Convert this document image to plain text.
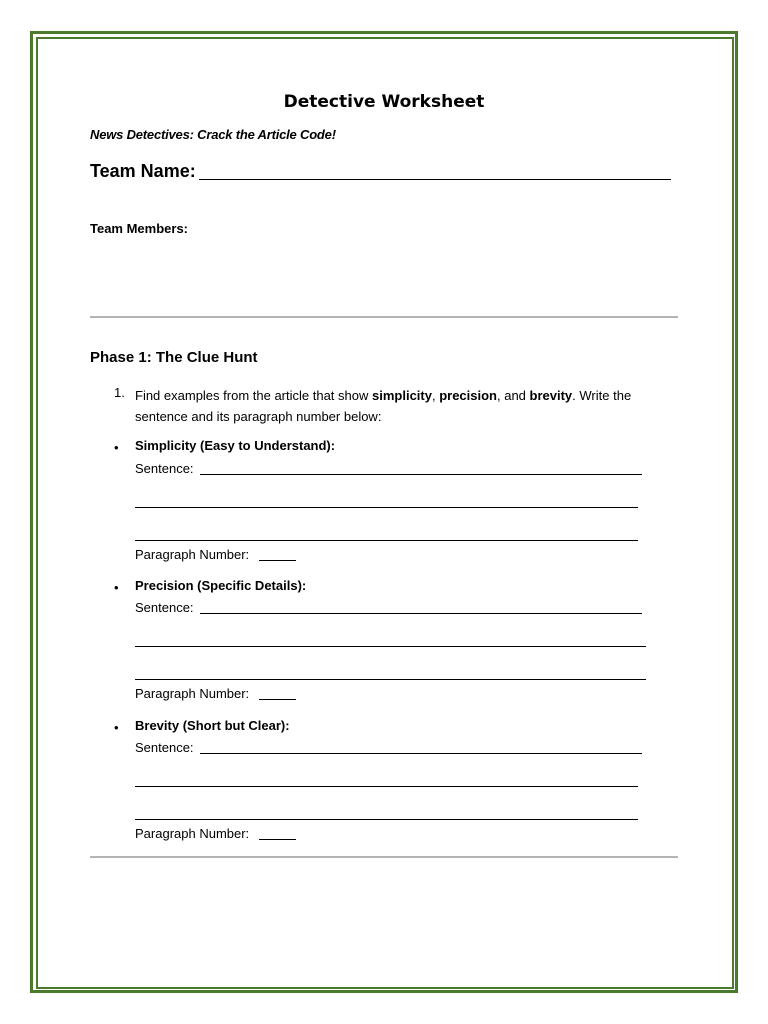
Detective Worksheet
News Detectives: Crack the Article Code!
Team Name:
Team Members:
Phase 1: The Clue Hunt
1. Find examples from the article that show simplicity, precision, and brevity. Write the sentence and its paragraph number below:
• Simplicity (Easy to Understand):
Sentence:
Paragraph Number:
• Precision (Specific Details):
Sentence:
Paragraph Number:
• Brevity (Short but Clear):
Sentence:
Paragraph Number:
